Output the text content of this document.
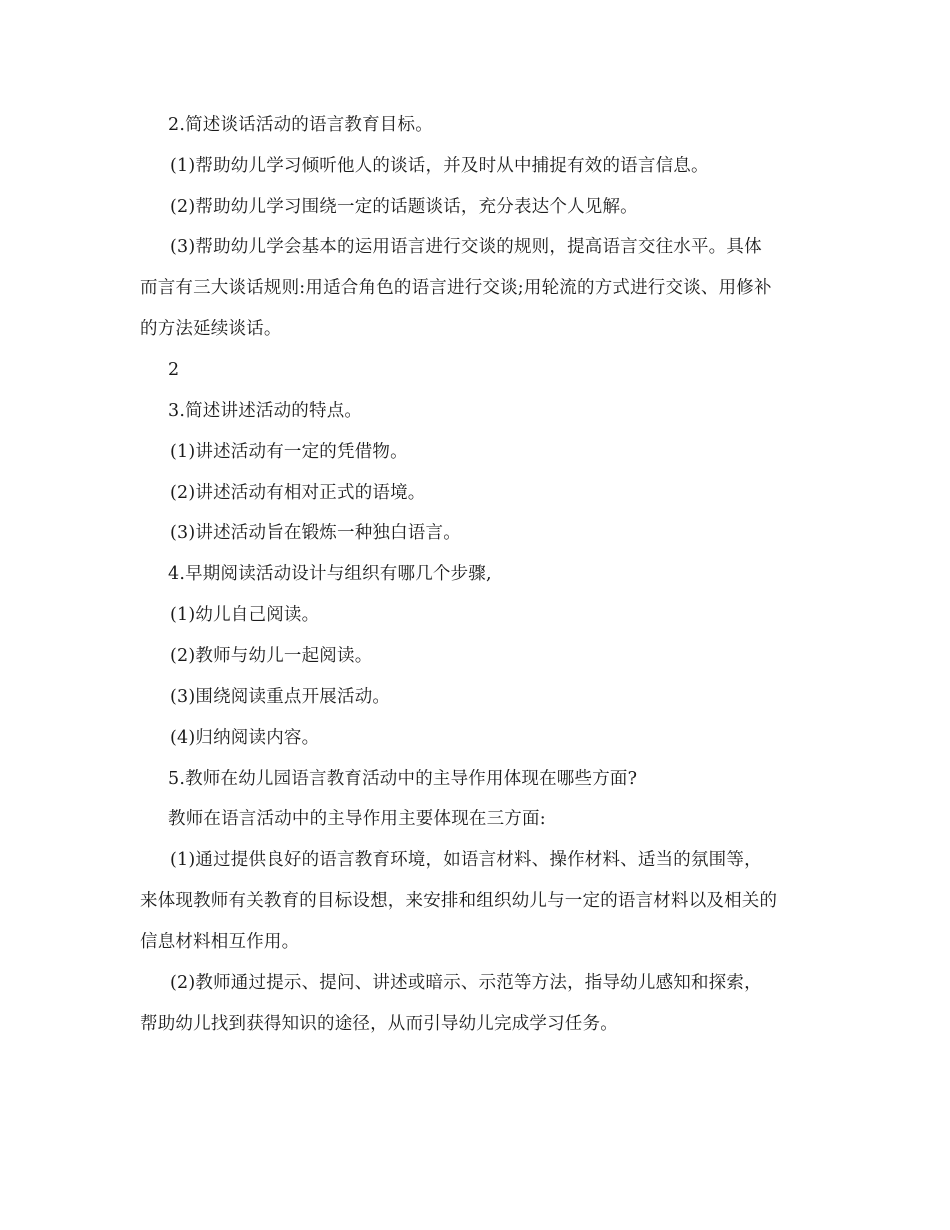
2.简述谈话活动的语言教育目标。
(1)帮助幼儿学习倾听他人的谈话，并及时从中捕捉有效的语言信息。
(2)帮助幼儿学习围绕一定的话题谈话，充分表达个人见解。
(3)帮助幼儿学会基本的运用语言进行交谈的规则，提高语言交往水平。具体
而言有三大谈话规则:用适合角色的语言进行交谈;用轮流的方式进行交谈、用修补
的方法延续谈话。
2
3.简述讲述活动的特点。
(1)讲述活动有一定的凭借物。
(2)讲述活动有相对正式的语境。
(3)讲述活动旨在锻炼一种独白语言。
4.早期阅读活动设计与组织有哪几个步骤,
(1)幼儿自己阅读。
(2)教师与幼儿一起阅读。
(3)围绕阅读重点开展活动。
(4)归纳阅读内容。
5.教师在幼儿园语言教育活动中的主导作用体现在哪些方面?
教师在语言活动中的主导作用主要体现在三方面:
(1)通过提供良好的语言教育环境，如语言材料、操作材料、适当的氛围等，
来体现教师有关教育的目标设想，来安排和组织幼儿与一定的语言材料以及相关的
信息材料相互作用。
(2)教师通过提示、提问、讲述或暗示、示范等方法，指导幼儿感知和探索，
帮助幼儿找到获得知识的途径，从而引导幼儿完成学习任务。
